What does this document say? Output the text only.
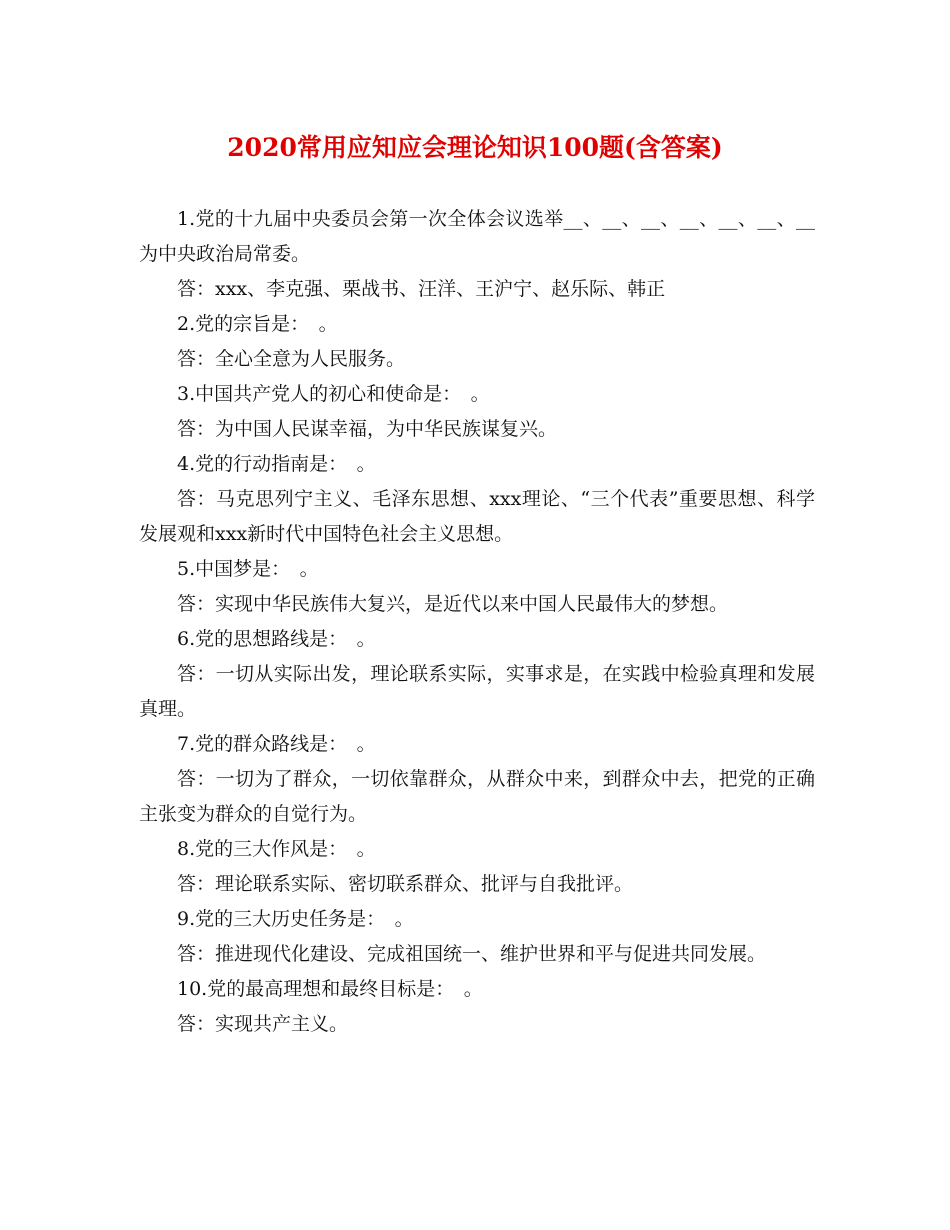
2020常用应知应会理论知识100题(含答案)

1.党的十九届中央委员会第一次全体会议选举__、__、__、__、__、__、__为中央政治局常委。

答：xxx、李克强、栗战书、汪洋、王沪宁、赵乐际、韩正

2.党的宗旨是：　。

答：全心全意为人民服务。

3.中国共产党人的初心和使命是：　。

答：为中国人民谋幸福，为中华民族谋复兴。

4.党的行动指南是：　。

答：马克思列宁主义、毛泽东思想、xxx理论、“三个代表”重要思想、科学发展观和xxx新时代中国特色社会主义思想。

5.中国梦是：　。

答：实现中华民族伟大复兴，是近代以来中国人民最伟大的梦想。

6.党的思想路线是：　。

答：一切从实际出发，理论联系实际，实事求是，在实践中检验真理和发展真理。

7.党的群众路线是：　。

答：一切为了群众，一切依靠群众，从群众中来，到群众中去，把党的正确主张变为群众的自觉行为。

8.党的三大作风是：　。

答：理论联系实际、密切联系群众、批评与自我批评。

9.党的三大历史任务是：　。

答：推进现代化建设、完成祖国统一、维护世界和平与促进共同发展。

10.党的最高理想和最终目标是：　。

答：实现共产主义。
